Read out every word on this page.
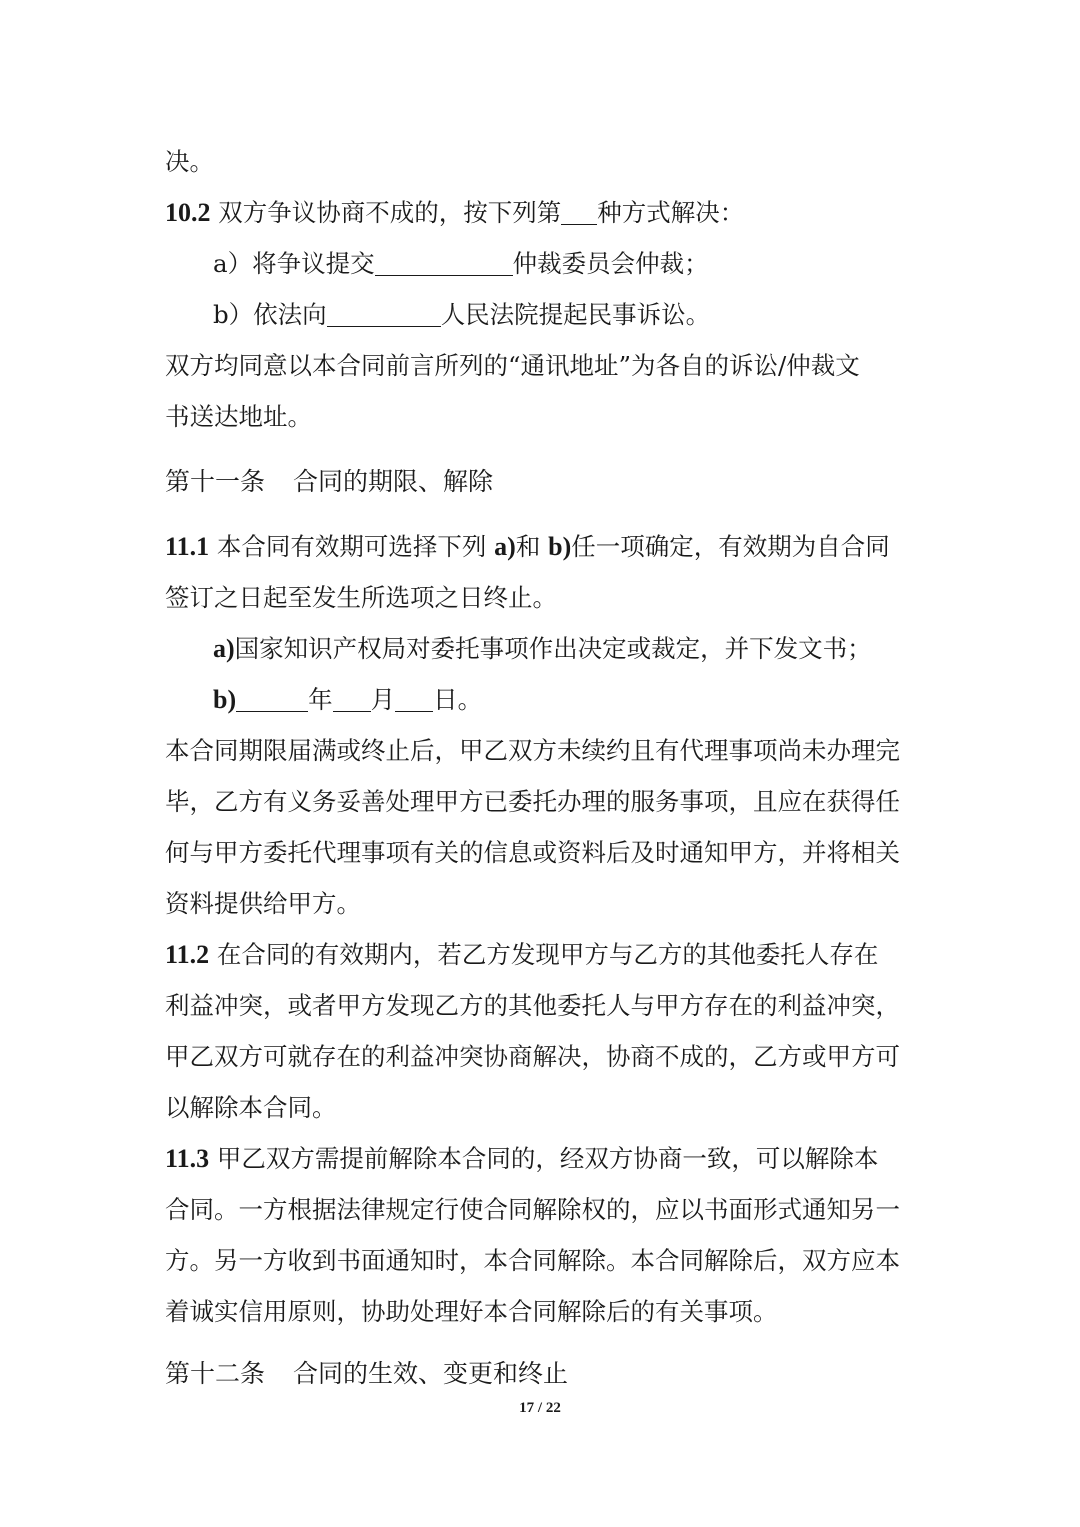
决。
10.2 双方争议协商不成的，按下列第 种方式解决：
a）将争议提交	仲裁委员会仲裁；
b）依法向	人民法院提起民事诉讼。
双方均同意以本合同前言所列的“通讯地址”为各自的诉讼/仲裁文
书送达地址。
第十一条 合同的期限、解除
11.1 本合同有效期可选择下列 a)和 b)任一项确定，有效期为自合同
签订之日起至发生所选项之日终止。
a)国家知识产权局对委托事项作出决定或裁定，并下发文书；
b)	年 月 日。
本合同期限届满或终止后，甲乙双方未续约且有代理事项尚未办理完
毕，乙方有义务妥善处理甲方已委托办理的服务事项，且应在获得任
何与甲方委托代理事项有关的信息或资料后及时通知甲方，并将相关
资料提供给甲方。
11.2 在合同的有效期内，若乙方发现甲方与乙方的其他委托人存在
利益冲突，或者甲方发现乙方的其他委托人与甲方存在的利益冲突，
甲乙双方可就存在的利益冲突协商解决，协商不成的，乙方或甲方可
以解除本合同。
11.3 甲乙双方需提前解除本合同的，经双方协商一致，可以解除本
合同。一方根据法律规定行使合同解除权的，应以书面形式通知另一
方。另一方收到书面通知时，本合同解除。本合同解除后，双方应本
着诚实信用原则，协助处理好本合同解除后的有关事项。
第十二条 合同的生效、变更和终止
17 / 22
